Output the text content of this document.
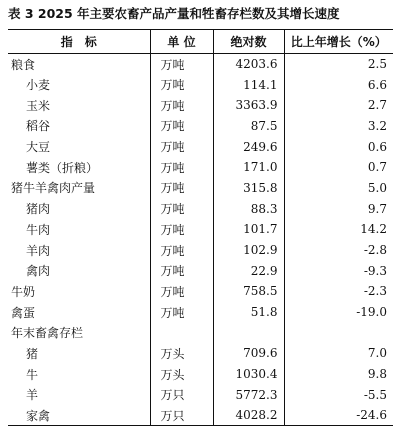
表 3 2025 年主要农畜产品产量和牲畜存栏数及其增长速度
指　标	单 位	绝对数	比上年增长（%）
粮食	万吨	4203.6	2.5
小麦	万吨	114.1	6.6
玉米	万吨	3363.9	2.7
稻谷	万吨	87.5	3.2
大豆	万吨	249.6	0.6
薯类（折粮）	万吨	171.0	0.7
猪牛羊禽肉产量	万吨	315.8	5.0
猪肉	万吨	88.3	9.7
牛肉	万吨	101.7	14.2
羊肉	万吨	102.9	-2.8
禽肉	万吨	22.9	-9.3
牛奶	万吨	758.5	-2.3
禽蛋	万吨	51.8	-19.0
年末畜禽存栏			
猪	万头	709.6	7.0
牛	万头	1030.4	9.8
羊	万只	5772.3	-5.5
家禽	万只	4028.2	-24.6
